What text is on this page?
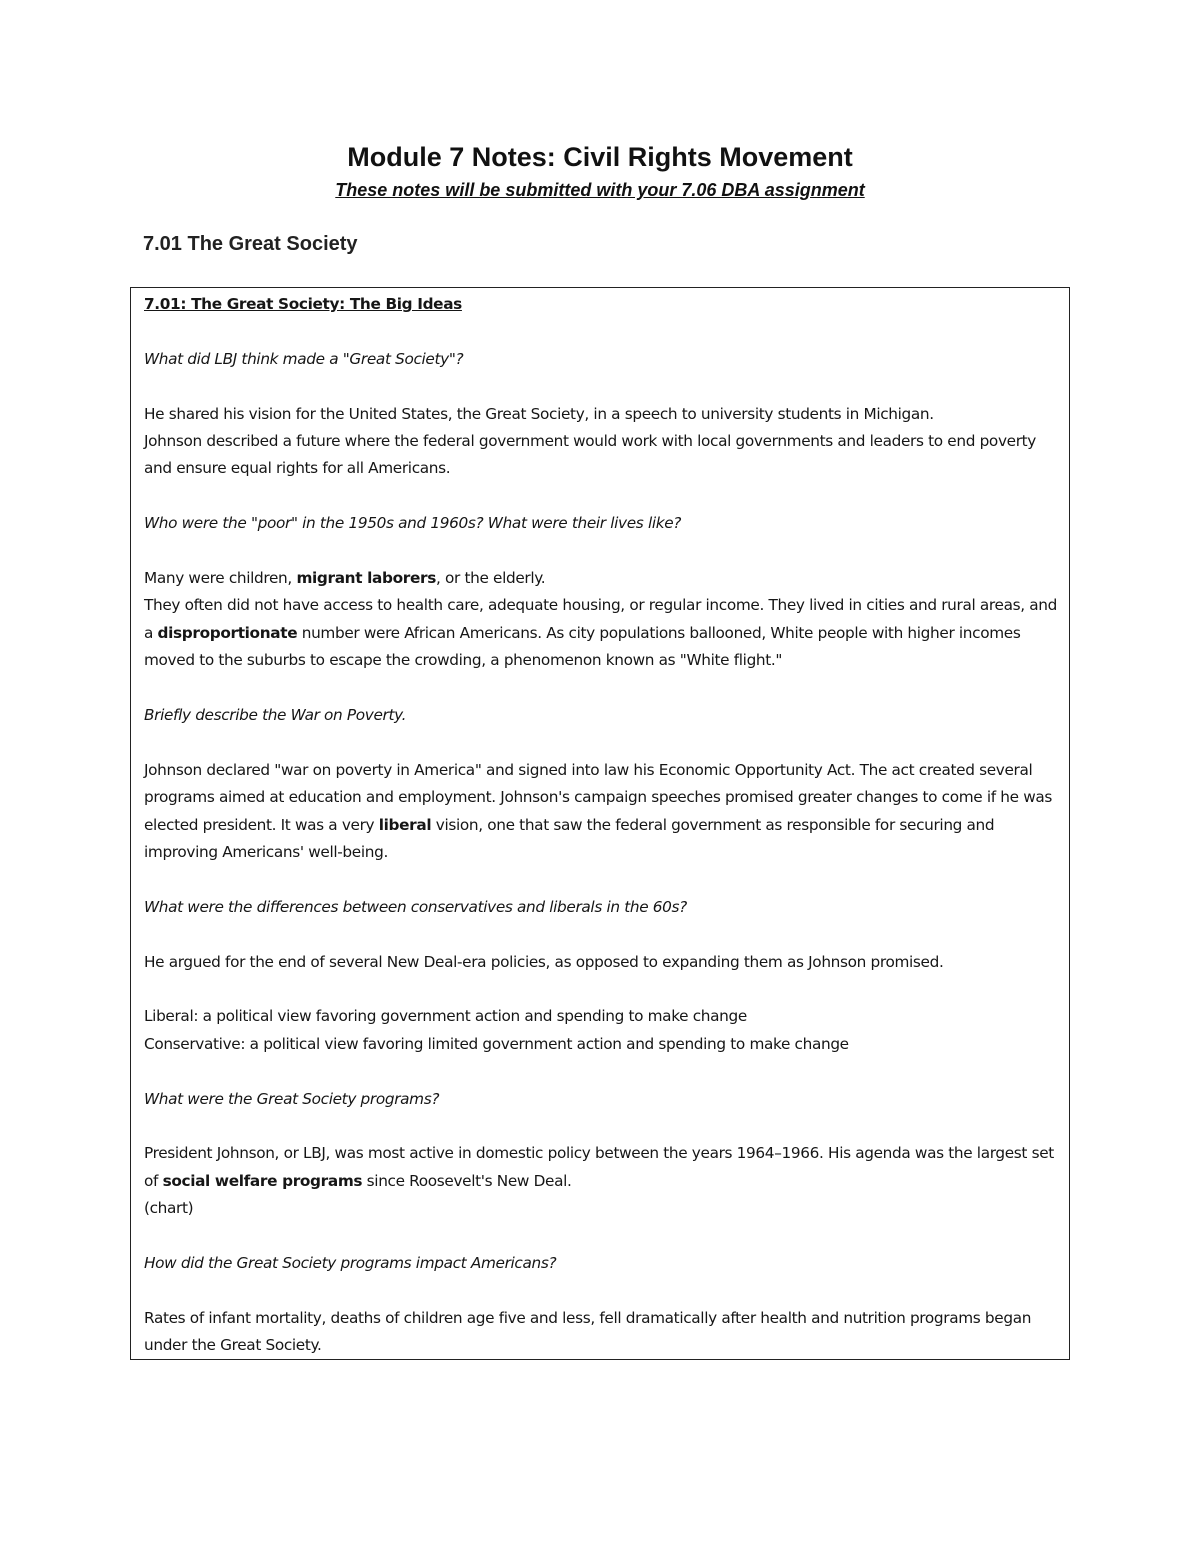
Module 7 Notes: Civil Rights Movement

These notes will be submitted with your 7.06 DBA assignment

7.01 The Great Society

7.01: The Great Society: The Big Ideas

What did LBJ think made a "Great Society"?

He shared his vision for the United States, the Great Society, in a speech to university students in Michigan.

Johnson described a future where the federal government would work with local governments and leaders to end poverty and ensure equal rights for all Americans.

Who were the "poor" in the 1950s and 1960s? What were their lives like?

Many were children, migrant laborers, or the elderly.

They often did not have access to health care, adequate housing, or regular income. They lived in cities and rural areas, and a disproportionate number were African Americans. As city populations ballooned, White people with higher incomes moved to the suburbs to escape the crowding, a phenomenon known as "White flight."

Briefly describe the War on Poverty.

Johnson declared "war on poverty in America" and signed into law his Economic Opportunity Act. The act created several programs aimed at education and employment. Johnson's campaign speeches promised greater changes to come if he was elected president. It was a very liberal vision, one that saw the federal government as responsible for securing and improving Americans' well-being.

What were the differences between conservatives and liberals in the 60s?

He argued for the end of several New Deal-era policies, as opposed to expanding them as Johnson promised.

Liberal: a political view favoring government action and spending to make change

Conservative: a political view favoring limited government action and spending to make change

What were the Great Society programs?

President Johnson, or LBJ, was most active in domestic policy between the years 1964–1966. His agenda was the largest set of social welfare programs since Roosevelt's New Deal.

(chart)

How did the Great Society programs impact Americans?

Rates of infant mortality, deaths of children age five and less, fell dramatically after health and nutrition programs began under the Great Society.
